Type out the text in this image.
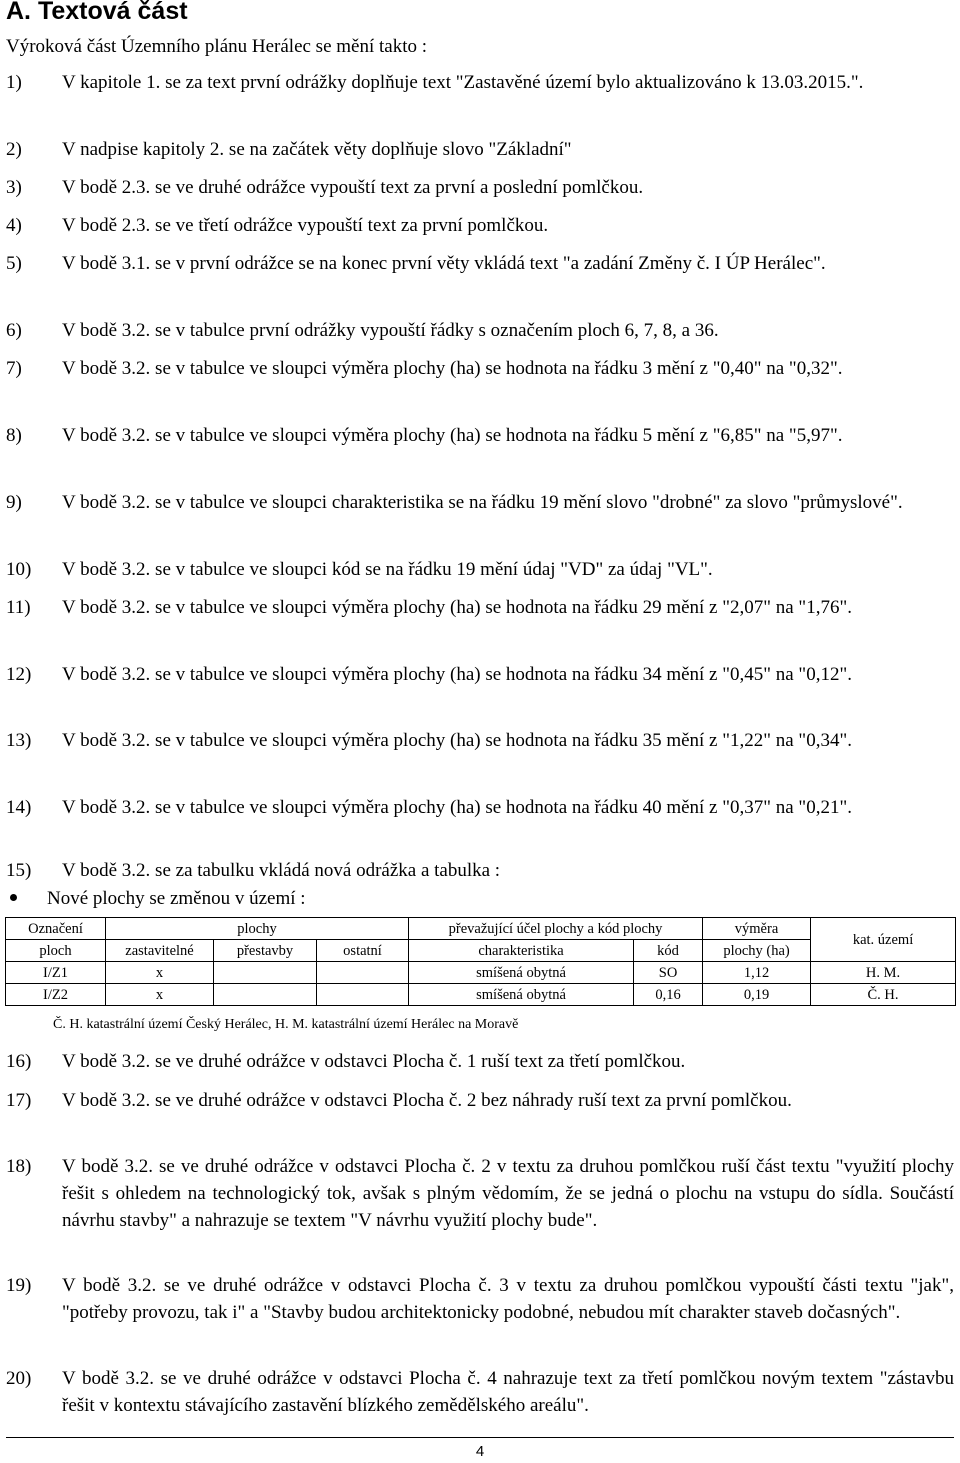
A. Textová část
Výroková část Územního plánu Herálec se mění takto :
1) V kapitole 1. se za text první odrážky doplňuje text "Zastavěné území bylo aktualizováno k 13.03.2015.".
2) V nadpise kapitoly 2. se na začátek věty doplňuje slovo "Základní"
3) V bodě 2.3. se ve druhé odrážce vypouští text za první a poslední pomlčkou.
4) V bodě 2.3. se ve třetí odrážce vypouští text za první pomlčkou.
5) V bodě 3.1. se v první odrážce se na konec první věty vkládá text "a zadání Změny č. I ÚP Herálec".
6) V bodě 3.2. se v tabulce první odrážky vypouští řádky s označením ploch 6, 7, 8, a 36.
7) V bodě 3.2. se v tabulce ve sloupci výměra plochy (ha) se hodnota na řádku 3 mění z "0,40" na "0,32".
8) V bodě 3.2. se v tabulce ve sloupci výměra plochy (ha) se hodnota na řádku 5 mění z "6,85" na "5,97".
9) V bodě 3.2. se v tabulce ve sloupci charakteristika se na řádku 19 mění slovo "drobné" za slovo "průmyslové".
10) V bodě 3.2. se v tabulce ve sloupci kód se na řádku 19 mění údaj "VD" za údaj "VL".
11) V bodě 3.2. se v tabulce ve sloupci výměra plochy (ha) se hodnota na řádku 29 mění z "2,07" na "1,76".
12) V bodě 3.2. se v tabulce ve sloupci výměra plochy (ha) se hodnota na řádku 34 mění z "0,45" na "0,12".
13) V bodě 3.2. se v tabulce ve sloupci výměra plochy (ha) se hodnota na řádku 35 mění z "1,22" na "0,34".
14) V bodě 3.2. se v tabulce ve sloupci výměra plochy (ha) se hodnota na řádku 40 mění z "0,37" na "0,21".
15) V bodě 3.2. se za tabulku vkládá nová odrážka a tabulka :
Nové plochy se změnou v území :
Označení	plochy			převažující účel plochy a kód plochy		výměra	kat. území
ploch	zastavitelné	přestavby	ostatní	charakteristika	kód	plochy (ha)	
I/Z1	x			smíšená obytná	SO	1,12	H. M.
I/Z2	x			smíšená obytná	0,16	0,19	Č. H.
Č. H. katastrální území Český Herálec, H. M. katastrální území Herálec na Moravě
16) V bodě 3.2. se ve druhé odrážce v odstavci Plocha č. 1 ruší text za třetí pomlčkou.
17) V bodě 3.2. se ve druhé odrážce v odstavci Plocha č. 2 bez náhrady ruší text za první pomlčkou.
18) V bodě 3.2. se ve druhé odrážce v odstavci Plocha č. 2 v textu za druhou pomlčkou ruší část textu "využití plochy řešit s ohledem na technologický tok, avšak s plným vědomím, že se jedná o plochu na vstupu do sídla. Součástí návrhu stavby" a nahrazuje se textem "V návrhu využití plochy bude".
19) V bodě 3.2. se ve druhé odrážce v odstavci Plocha č. 3 v textu za druhou pomlčkou vypouští části textu "jak", "potřeby provozu, tak i" a "Stavby budou architektonicky podobné, nebudou mít charakter staveb dočasných".
20) V bodě 3.2. se ve druhé odrážce v odstavci Plocha č. 4 nahrazuje text za třetí pomlčkou novým textem "zástavbu řešit v kontextu stávajícího zastavění blízkého zemědělského areálu".
4
